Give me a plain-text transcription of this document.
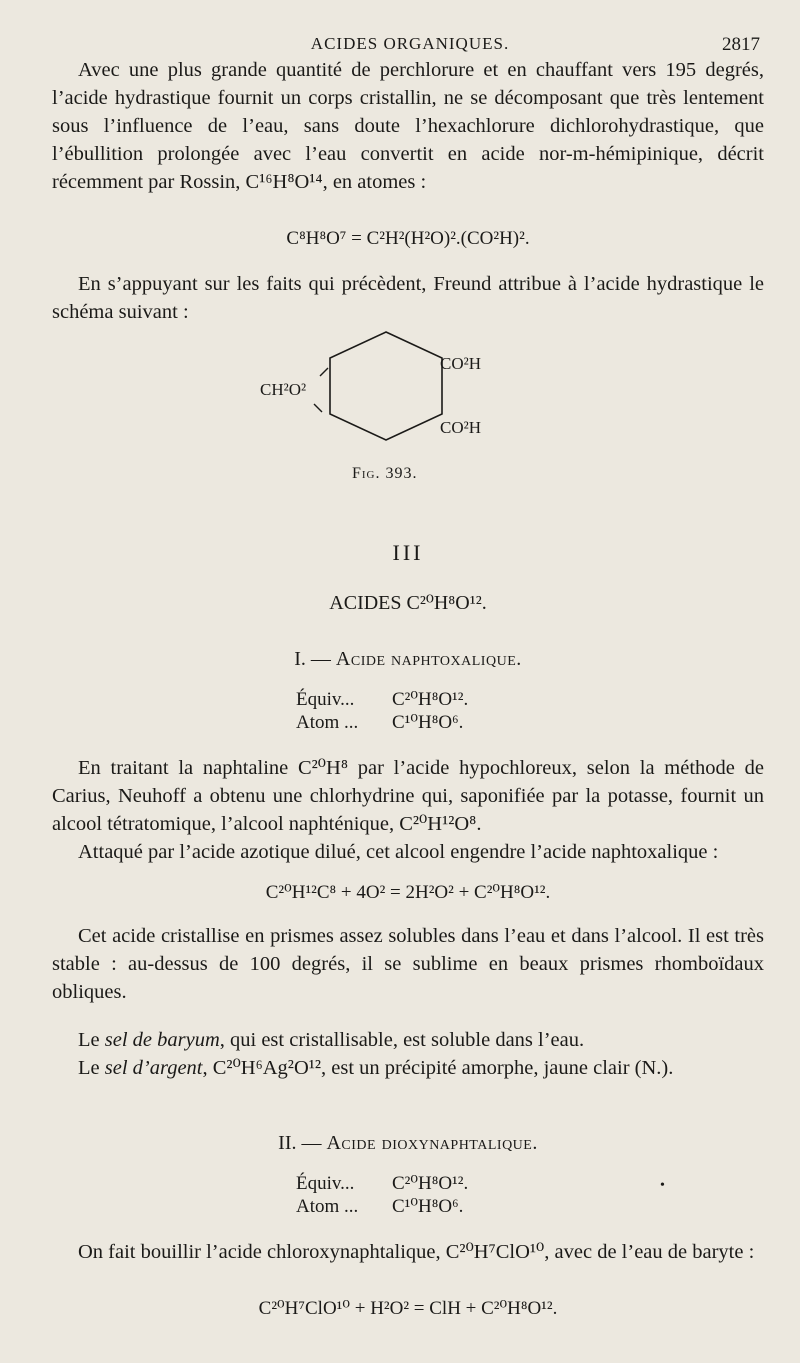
ACIDES ORGANIQUES.	2817

Avec une plus grande quantité de perchlorure et en chauffant vers 195 degrés, l’acide hydrastique fournit un corps cristallin, ne se décomposant que très lentement sous l’influence de l’eau, sans doute l’hexachlorure dichlorohydrastique, que l’ébullition prolongée avec l’eau convertit en acide nor-m-hémipinique, décrit récemment par Rossin, C¹⁶H⁸O¹⁴, en atomes :

C⁸H⁸O⁷ = C²H²(H²O)².(CO²H)².

En s’appuyant sur les faits qui précèdent, Freund attribue à l’acide hydrastique le schéma suivant :

CH²O²
CO²H
CO²H
Fig. 393.
III
ACIDES C²⁰H⁸O¹².
I. — Acide naphtoxalique.
Équiv... C²⁰H⁸O¹².
Atom ... C¹⁰H⁸O⁶.

En traitant la naphtaline C²⁰H⁸ par l’acide hypochloreux, selon la méthode de Carius, Neuhoff a obtenu une chlorhydrine qui, saponifiée par la potasse, fournit un alcool tétratomique, l’alcool naphténique, C²⁰H¹²O⁸.

Attaqué par l’acide azotique dilué, cet alcool engendre l’acide naphtoxalique :

C²⁰H¹²C⁸ + 4O² = 2H²O² + C²⁰H⁸O¹².

Cet acide cristallise en prismes assez solubles dans l’eau et dans l’alcool. Il est très stable : au-dessus de 100 degrés, il se sublime en beaux prismes rhomboïdaux obliques.

Le sel de baryum, qui est cristallisable, est soluble dans l’eau.

Le sel d’argent, C²⁰H⁶Ag²O¹², est un précipité amorphe, jaune clair (N.).

II. — Acide dioxynaphtalique.
Équiv... C²⁰H⁸O¹².
Atom ... C¹⁰H⁸O⁶.
•

On fait bouillir l’acide chloroxynaphtalique, C²⁰H⁷ClO¹⁰, avec de l’eau de baryte :

C²⁰H⁷ClO¹⁰ + H²O² = ClH + C²⁰H⁸O¹².
